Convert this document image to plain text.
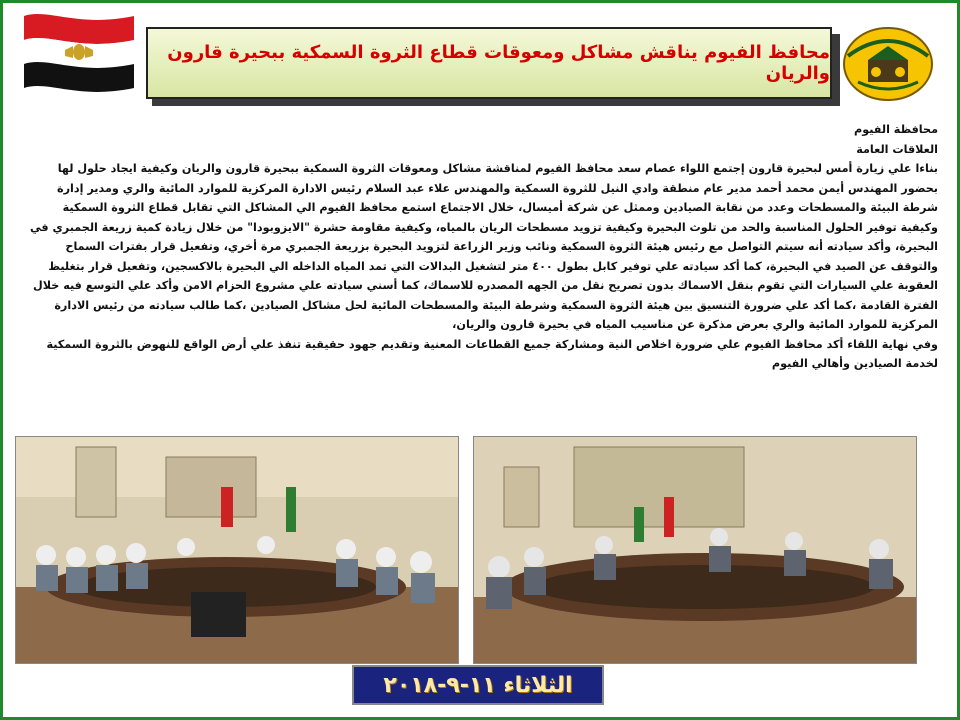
محافظ الفيوم يناقش مشاكل ومعوقات قطاع الثروة السمكية ببحيرة قارون والريان

محافظة الفيوم

العلاقات العامة

بناءا علي زيارة أمس لبحيرة قارون إجتمع اللواء عصام سعد محافظ الفيوم لمناقشة مشاكل ومعوقات الثروة السمكية ببحيرة قارون والريان وكيفية ايجاد حلول لها بحضور المهندس أيمن محمد أحمد مدير عام منطقة وادي النيل للثروة السمكية والمهندس علاء عبد السلام رئيس الادارة المركزية للموارد المائية والري ومدير إدارة شرطة البيئة والمسطحات وعدد من نقابة الصيادين وممثل عن شركة أميسال، خلال الاجتماع استمع محافظ الفيوم الي المشاكل التي تقابل قطاع الثروة السمكية وكيفية توفير الحلول المناسبة والحد من تلوث البحيرة وكيفية تزويد مسطحات الريان بالمياه، وكيفية مقاومة حشرة "الايزوبودا" من خلال زيادة كمية زريعة الجمبري في البحيرة، وأكد سيادته أنه سيتم التواصل مع رئيس هيئة الثروة السمكية ونائب وزير الزراعة لتزويد البحيرة بزريعة الجمبري مرة أخري، وتفعيل قرار بفترات السماح والتوقف عن الصيد في البحيرة، كما أكد سيادته علي توفير كابل بطول ٤٠٠ متر لتشغيل البدالات التي تمد المياه الداخله الي البحيرة بالاكسجين، وتفعيل قرار بتغليظ العقوبة علي السيارات التي تقوم بنقل الاسماك بدون تصريح نقل من الجهه المصدره للاسماك، كما أسني سيادته علي مشروع الحزام الامن وأكد علي التوسع فيه خلال الفترة القادمة ،كما أكد علي ضرورة التنسيق بين هيئة الثروة السمكية وشرطة البيئة والمسطحات المائية لحل مشاكل الصيادين ،كما طالب سيادته من رئيس الادارة المركزية للموارد المائية والري بعرض مذكرة عن مناسيب المياه في بحيرة قارون والريان،

وفي نهاية اللقاء أكد محافظ الفيوم علي ضرورة اخلاص النية ومشاركة جميع القطاعات المعنية وتقديم جهود حقيقية تنفذ علي أرض الواقع للنهوض بالثروة السمكية لخدمة الصيادين وأهالي الفيوم

الثلاثاء ١١-٩-٢٠١٨
